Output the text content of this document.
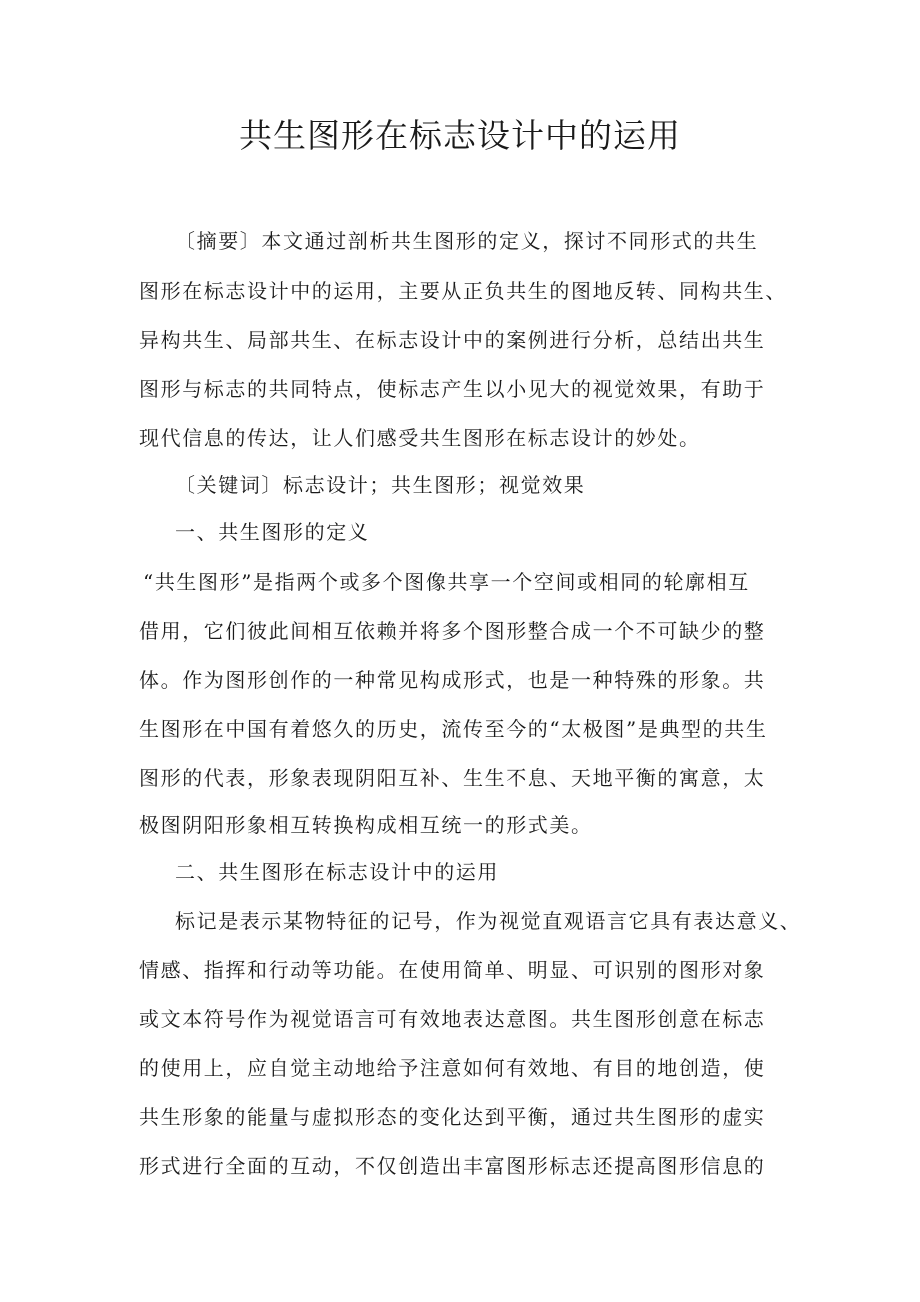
共生图形在标志设计中的运用
〔摘要〕本文通过剖析共生图形的定义，探讨不同形式的共生
图形在标志设计中的运用，主要从正负共生的图地反转、同构共生、
异构共生、局部共生、在标志设计中的案例进行分析，总结出共生
图形与标志的共同特点，使标志产生以小见大的视觉效果，有助于
现代信息的传达，让人们感受共生图形在标志设计的妙处。
〔关键词〕标志设计；共生图形；视觉效果
一、共生图形的定义
“共生图形”是指两个或多个图像共享一个空间或相同的轮廓相互
借用，它们彼此间相互依赖并将多个图形整合成一个不可缺少的整
体。作为图形创作的一种常见构成形式，也是一种特殊的形象。共
生图形在中国有着悠久的历史，流传至今的“太极图”是典型的共生
图形的代表，形象表现阴阳互补、生生不息、天地平衡的寓意，太
极图阴阳形象相互转换构成相互统一的形式美。
二、共生图形在标志设计中的运用
标记是表示某物特征的记号，作为视觉直观语言它具有表达意义、
情感、指挥和行动等功能。在使用简单、明显、可识别的图形对象
或文本符号作为视觉语言可有效地表达意图。共生图形创意在标志
的使用上，应自觉主动地给予注意如何有效地、有目的地创造，使
共生形象的能量与虚拟形态的变化达到平衡，通过共生图形的虚实
形式进行全面的互动，不仅创造出丰富图形标志还提高图形信息的
